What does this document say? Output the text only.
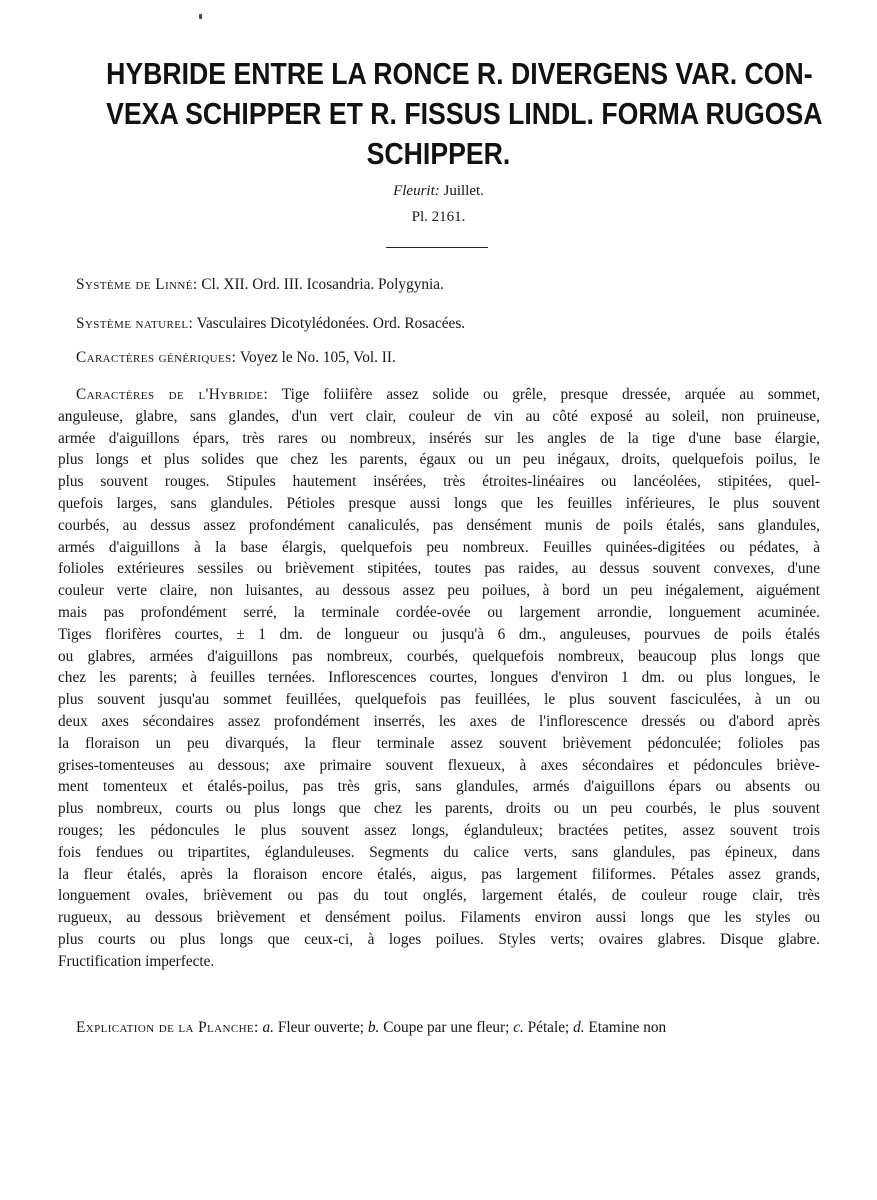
HYBRIDE ENTRE LA RONCE R. DIVERGENS VAR. CON-
VEXA SCHIPPER ET R. FISSUS LINDL. FORMA RUGOSA
SCHIPPER.
Fleurit: Juillet.
Pl. 2161.

Système de Linné: Cl. XII. Ord. III. Icosandria. Polygynia.

Système naturel: Vasculaires Dicotylédonées. Ord. Rosacées.

Caractères génériques: Voyez le No. 105, Vol. II.

Caractères de l'Hybride: Tige foliifère assez solide ou grêle, presque dressée, arquée au sommet,
anguleuse, glabre, sans glandes, d'un vert clair, couleur de vin au côté exposé au soleil, non pruineuse,
armée d'aiguillons épars, très rares ou nombreux, insérés sur les angles de la tige d'une base élargie,
plus longs et plus solides que chez les parents, égaux ou un peu inégaux, droits, quelquefois poilus, le
plus souvent rouges. Stipules hautement insérées, très étroites-linéaires ou lancéolées, stipitées, quel-
quefois larges, sans glandules. Pétioles presque aussi longs que les feuilles inférieures, le plus souvent
courbés, au dessus assez profondément canaliculés, pas densément munis de poils étalés, sans glandules,
armés d'aiguillons à la base élargis, quelquefois peu nombreux. Feuilles quinées-digitées ou pédates, à
folioles extérieures sessiles ou brièvement stipitées, toutes pas raides, au dessus souvent convexes, d'une
couleur verte claire, non luisantes, au dessous assez peu poilues, à bord un peu inégalement, aiguément
mais pas profondément serré, la terminale cordée-ovée ou largement arrondie, longuement acuminée.
Tiges florifères courtes, ± 1 dm. de longueur ou jusqu'à 6 dm., anguleuses, pourvues de poils étalés
ou glabres, armées d'aiguillons pas nombreux, courbés, quelquefois nombreux, beaucoup plus longs que
chez les parents; à feuilles ternées. Inflorescences courtes, longues d'environ 1 dm. ou plus longues, le
plus souvent jusqu'au sommet feuillées, quelquefois pas feuillées, le plus souvent fasciculées, à un ou
deux axes sécondaires assez profondément inserrés, les axes de l'inflorescence dressés ou d'abord après
la floraison un peu divarqués, la fleur terminale assez souvent brièvement pédonculée; folioles pas
grises-tomenteuses au dessous; axe primaire souvent flexueux, à axes sécondaires et pédoncules briève-
ment tomenteux et étalés-poilus, pas très gris, sans glandules, armés d'aiguillons épars ou absents ou
plus nombreux, courts ou plus longs que chez les parents, droits ou un peu courbés, le plus souvent
rouges; les pédoncules le plus souvent assez longs, églanduleux; bractées petites, assez souvent trois
fois fendues ou tripartites, églanduleuses. Segments du calice verts, sans glandules, pas épineux, dans
la fleur étalés, après la floraison encore étalés, aigus, pas largement filiformes. Pétales assez grands,
longuement ovales, brièvement ou pas du tout onglés, largement étalés, de couleur rouge clair, très
rugueux, au dessous brièvement et densément poilus. Filaments environ aussi longs que les styles ou
plus courts ou plus longs que ceux-ci, à loges poilues. Styles verts; ovaires glabres. Disque glabre.
Fructification imperfecte.

Explication de la Planche: a. Fleur ouverte; b. Coupe par une fleur; c. Pétale; d. Etamine non
